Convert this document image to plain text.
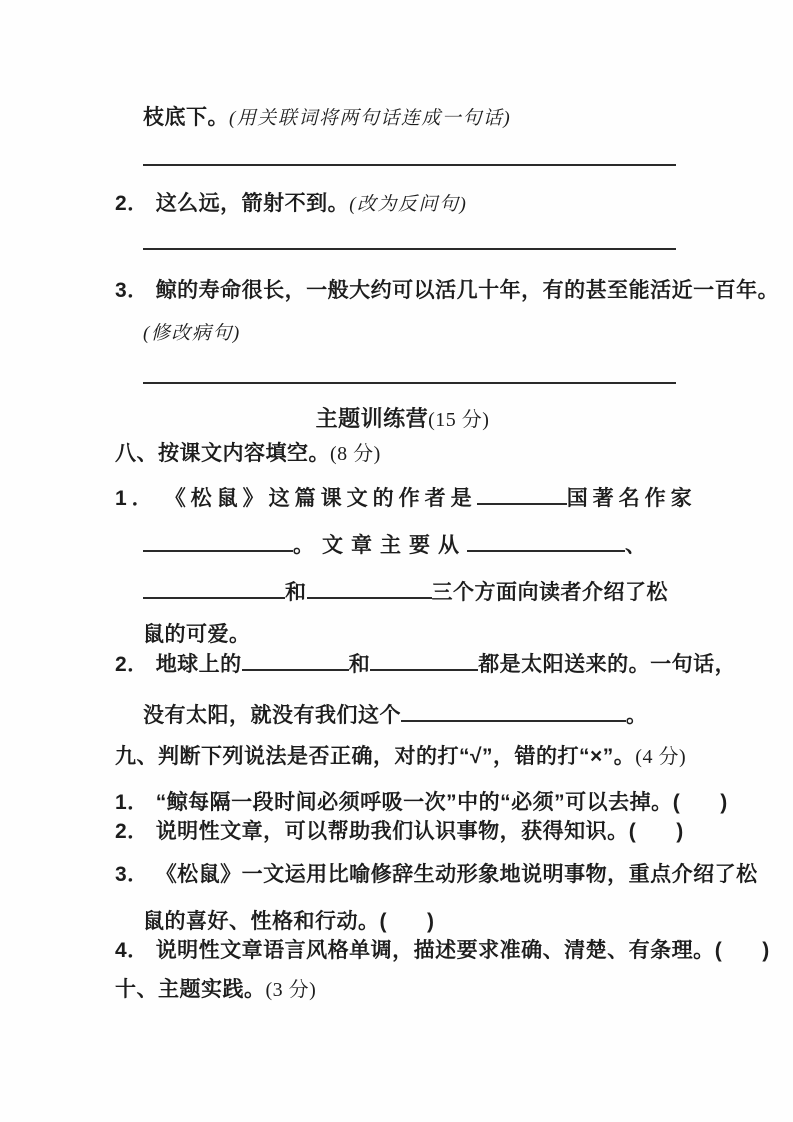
枝底下。(用关联词将两句话连成一句话)
2． 这么远，箭射不到。(改为反问句)
3． 鲸的寿命很长，一般大约可以活几十年，有的甚至能活近一百年。
(修改病句)
主题训练营(15 分)
八、按课文内容填空。(8 分)
1． 《松鼠》这篇课文的作者是	国著名作家
。文章主要从	、
和	三个方面向读者介绍了松
鼠的可爱。
2． 地球上的	和	都是太阳送来的。一句话，
没有太阳，就没有我们这个	。
九、判断下列说法是否正确，对的打“√”，错的打“×”。(4 分)
1． “鲸每隔一段时间必须呼吸一次”中的“必须”可以去掉。( )
2． 说明性文章，可以帮助我们认识事物，获得知识。( )
3． 《松鼠》一文运用比喻修辞生动形象地说明事物，重点介绍了松
鼠的喜好、性格和行动。( )
4． 说明性文章语言风格单调，描述要求准确、清楚、有条理。( )
十、主题实践。(3 分)
